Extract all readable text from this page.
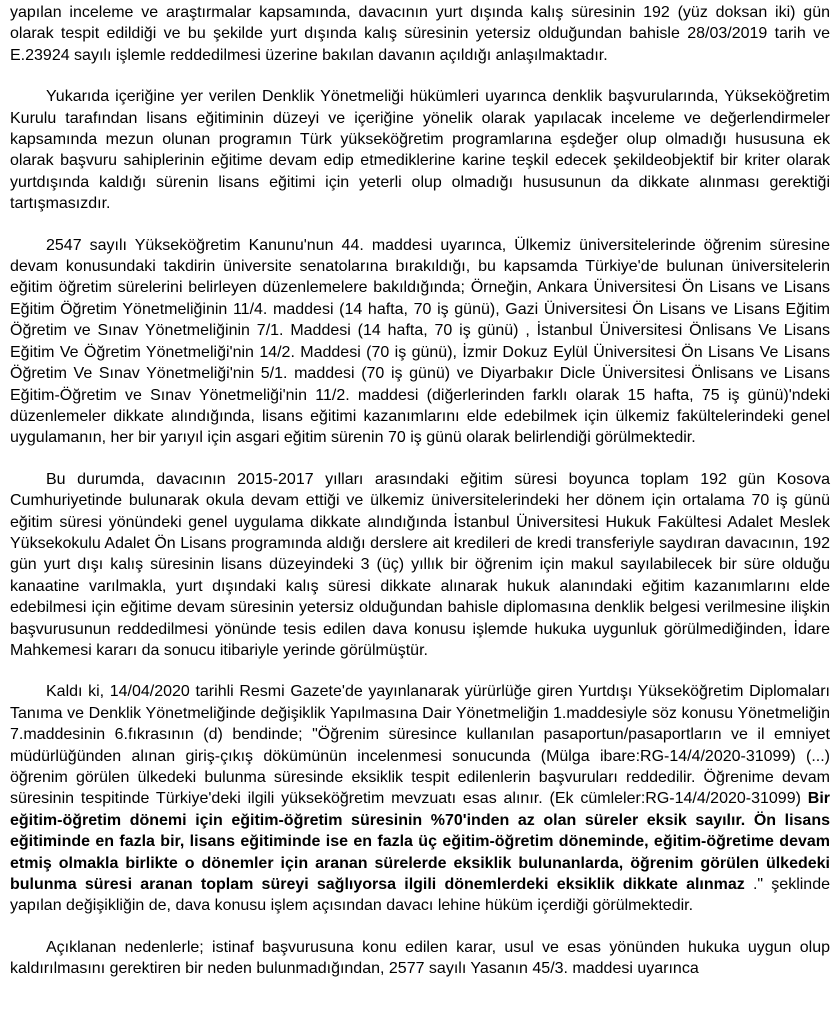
yapılan inceleme ve araştırmalar kapsamında, davacının yurt dışında kalış süresinin 192 (yüz doksan iki) gün olarak tespit edildiği ve bu şekilde yurt dışında kalış süresinin yetersiz olduğundan bahisle 28/03/2019 tarih ve E.23924 sayılı işlemle reddedilmesi üzerine bakılan davanın açıldığı anlaşılmaktadır.

Yukarıda içeriğine yer verilen Denklik Yönetmeliği hükümleri uyarınca denklik başvurularında, Yükseköğretim Kurulu tarafından lisans eğitiminin düzeyi ve içeriğine yönelik olarak yapılacak inceleme ve değerlendirmeler kapsamında mezun olunan programın Türk yükseköğretim programlarına eşdeğer olup olmadığı hususuna ek olarak başvuru sahiplerinin eğitime devam edip etmediklerine karine teşkil edecek şekildeobjektif bir kriter olarak yurtdışında kaldığı sürenin lisans eğitimi için yeterli olup olmadığı hususunun da dikkate alınması gerektiği tartışmasızdır.

2547 sayılı Yükseköğretim Kanunu'nun 44. maddesi uyarınca, Ülkemiz üniversitelerinde öğrenim süresine devam konusundaki takdirin üniversite senatolarına bırakıldığı, bu kapsamda Türkiye'de bulunan üniversitelerin eğitim öğretim sürelerini belirleyen düzenlemelere bakıldığında; Örneğin, Ankara Üniversitesi Ön Lisans ve Lisans Eğitim Öğretim Yönetmeliğinin 11/4. maddesi (14 hafta, 70 iş günü), Gazi Üniversitesi Ön Lisans ve Lisans Eğitim Öğretim ve Sınav Yönetmeliğinin 7/1. Maddesi (14 hafta, 70 iş günü) , İstanbul Üniversitesi Önlisans Ve Lisans Eğitim Ve Öğretim Yönetmeliği'nin 14/2. Maddesi (70 iş günü), İzmir Dokuz Eylül Üniversitesi Ön Lisans Ve Lisans Öğretim Ve Sınav Yönetmeliği'nin 5/1. maddesi (70 iş günü) ve Diyarbakır Dicle Üniversitesi Önlisans ve Lisans Eğitim-Öğretim ve Sınav Yönetmeliği'nin 11/2. maddesi (diğerlerinden farklı olarak 15 hafta, 75 iş günü)'ndeki düzenlemeler dikkate alındığında, lisans eğitimi kazanımlarını elde edebilmek için ülkemiz fakültelerindeki genel uygulamanın, her bir yarıyıl için asgari eğitim sürenin 70 iş günü olarak belirlendiği görülmektedir.

Bu durumda, davacının 2015-2017 yılları arasındaki eğitim süresi boyunca toplam 192 gün Kosova Cumhuriyetinde bulunarak okula devam ettiği ve ülkemiz üniversitelerindeki her dönem için ortalama 70 iş günü eğitim süresi yönündeki genel uygulama dikkate alındığında İstanbul Üniversitesi Hukuk Fakültesi Adalet Meslek Yüksekokulu Adalet Ön Lisans programında aldığı derslere ait kredileri de kredi transferiyle saydıran davacının, 192 gün yurt dışı kalış süresinin lisans düzeyindeki 3 (üç) yıllık bir öğrenim için makul sayılabilecek bir süre olduğu kanaatine varılmakla, yurt dışındaki kalış süresi dikkate alınarak hukuk alanındaki eğitim kazanımlarını elde edebilmesi için eğitime devam süresinin yetersiz olduğundan bahisle diplomasına denklik belgesi verilmesine ilişkin başvurusunun reddedilmesi yönünde tesis edilen dava konusu işlemde hukuka uygunluk görülmediğinden, İdare Mahkemesi kararı da sonucu itibariyle yerinde görülmüştür.

Kaldı ki, 14/04/2020 tarihli Resmi Gazete'de yayınlanarak yürürlüğe giren Yurtdışı Yükseköğretim Diplomaları Tanıma ve Denklik Yönetmeliğinde değişiklik Yapılmasına Dair Yönetmeliğin 1.maddesiyle söz konusu Yönetmeliğin 7.maddesinin 6.fıkrasının (d) bendinde; "Öğrenim süresince kullanılan pasaportun/pasaportların ve il emniyet müdürlüğünden alınan giriş-çıkış dökümünün incelenmesi sonucunda (Mülga ibare:RG-14/4/2020-31099) (...) öğrenim görülen ülkedeki bulunma süresinde eksiklik tespit edilenlerin başvuruları reddedilir. Öğrenime devam süresinin tespitinde Türkiye'deki ilgili yükseköğretim mevzuatı esas alınır. (Ek cümleler:RG-14/4/2020-31099) Bir eğitim-öğretim dönemi için eğitim-öğretim süresinin %70'inden az olan süreler eksik sayılır. Ön lisans eğitiminde en fazla bir, lisans eğitiminde ise en fazla üç eğitim-öğretim döneminde, eğitim-öğretime devam etmiş olmakla birlikte o dönemler için aranan sürelerde eksiklik bulunanlarda, öğrenim görülen ülkedeki bulunma süresi aranan toplam süreyi sağlıyorsa ilgili dönemlerdeki eksiklik dikkate alınmaz ." şeklinde yapılan değişikliğin de, dava konusu işlem açısından davacı lehine hüküm içerdiği görülmektedir.

Açıklanan nedenlerle; istinaf başvurusuna konu edilen karar, usul ve esas yönünden hukuka uygun olup kaldırılmasını gerektiren bir neden bulunmadığından, 2577 sayılı Yasanın 45/3. maddesi uyarınca
